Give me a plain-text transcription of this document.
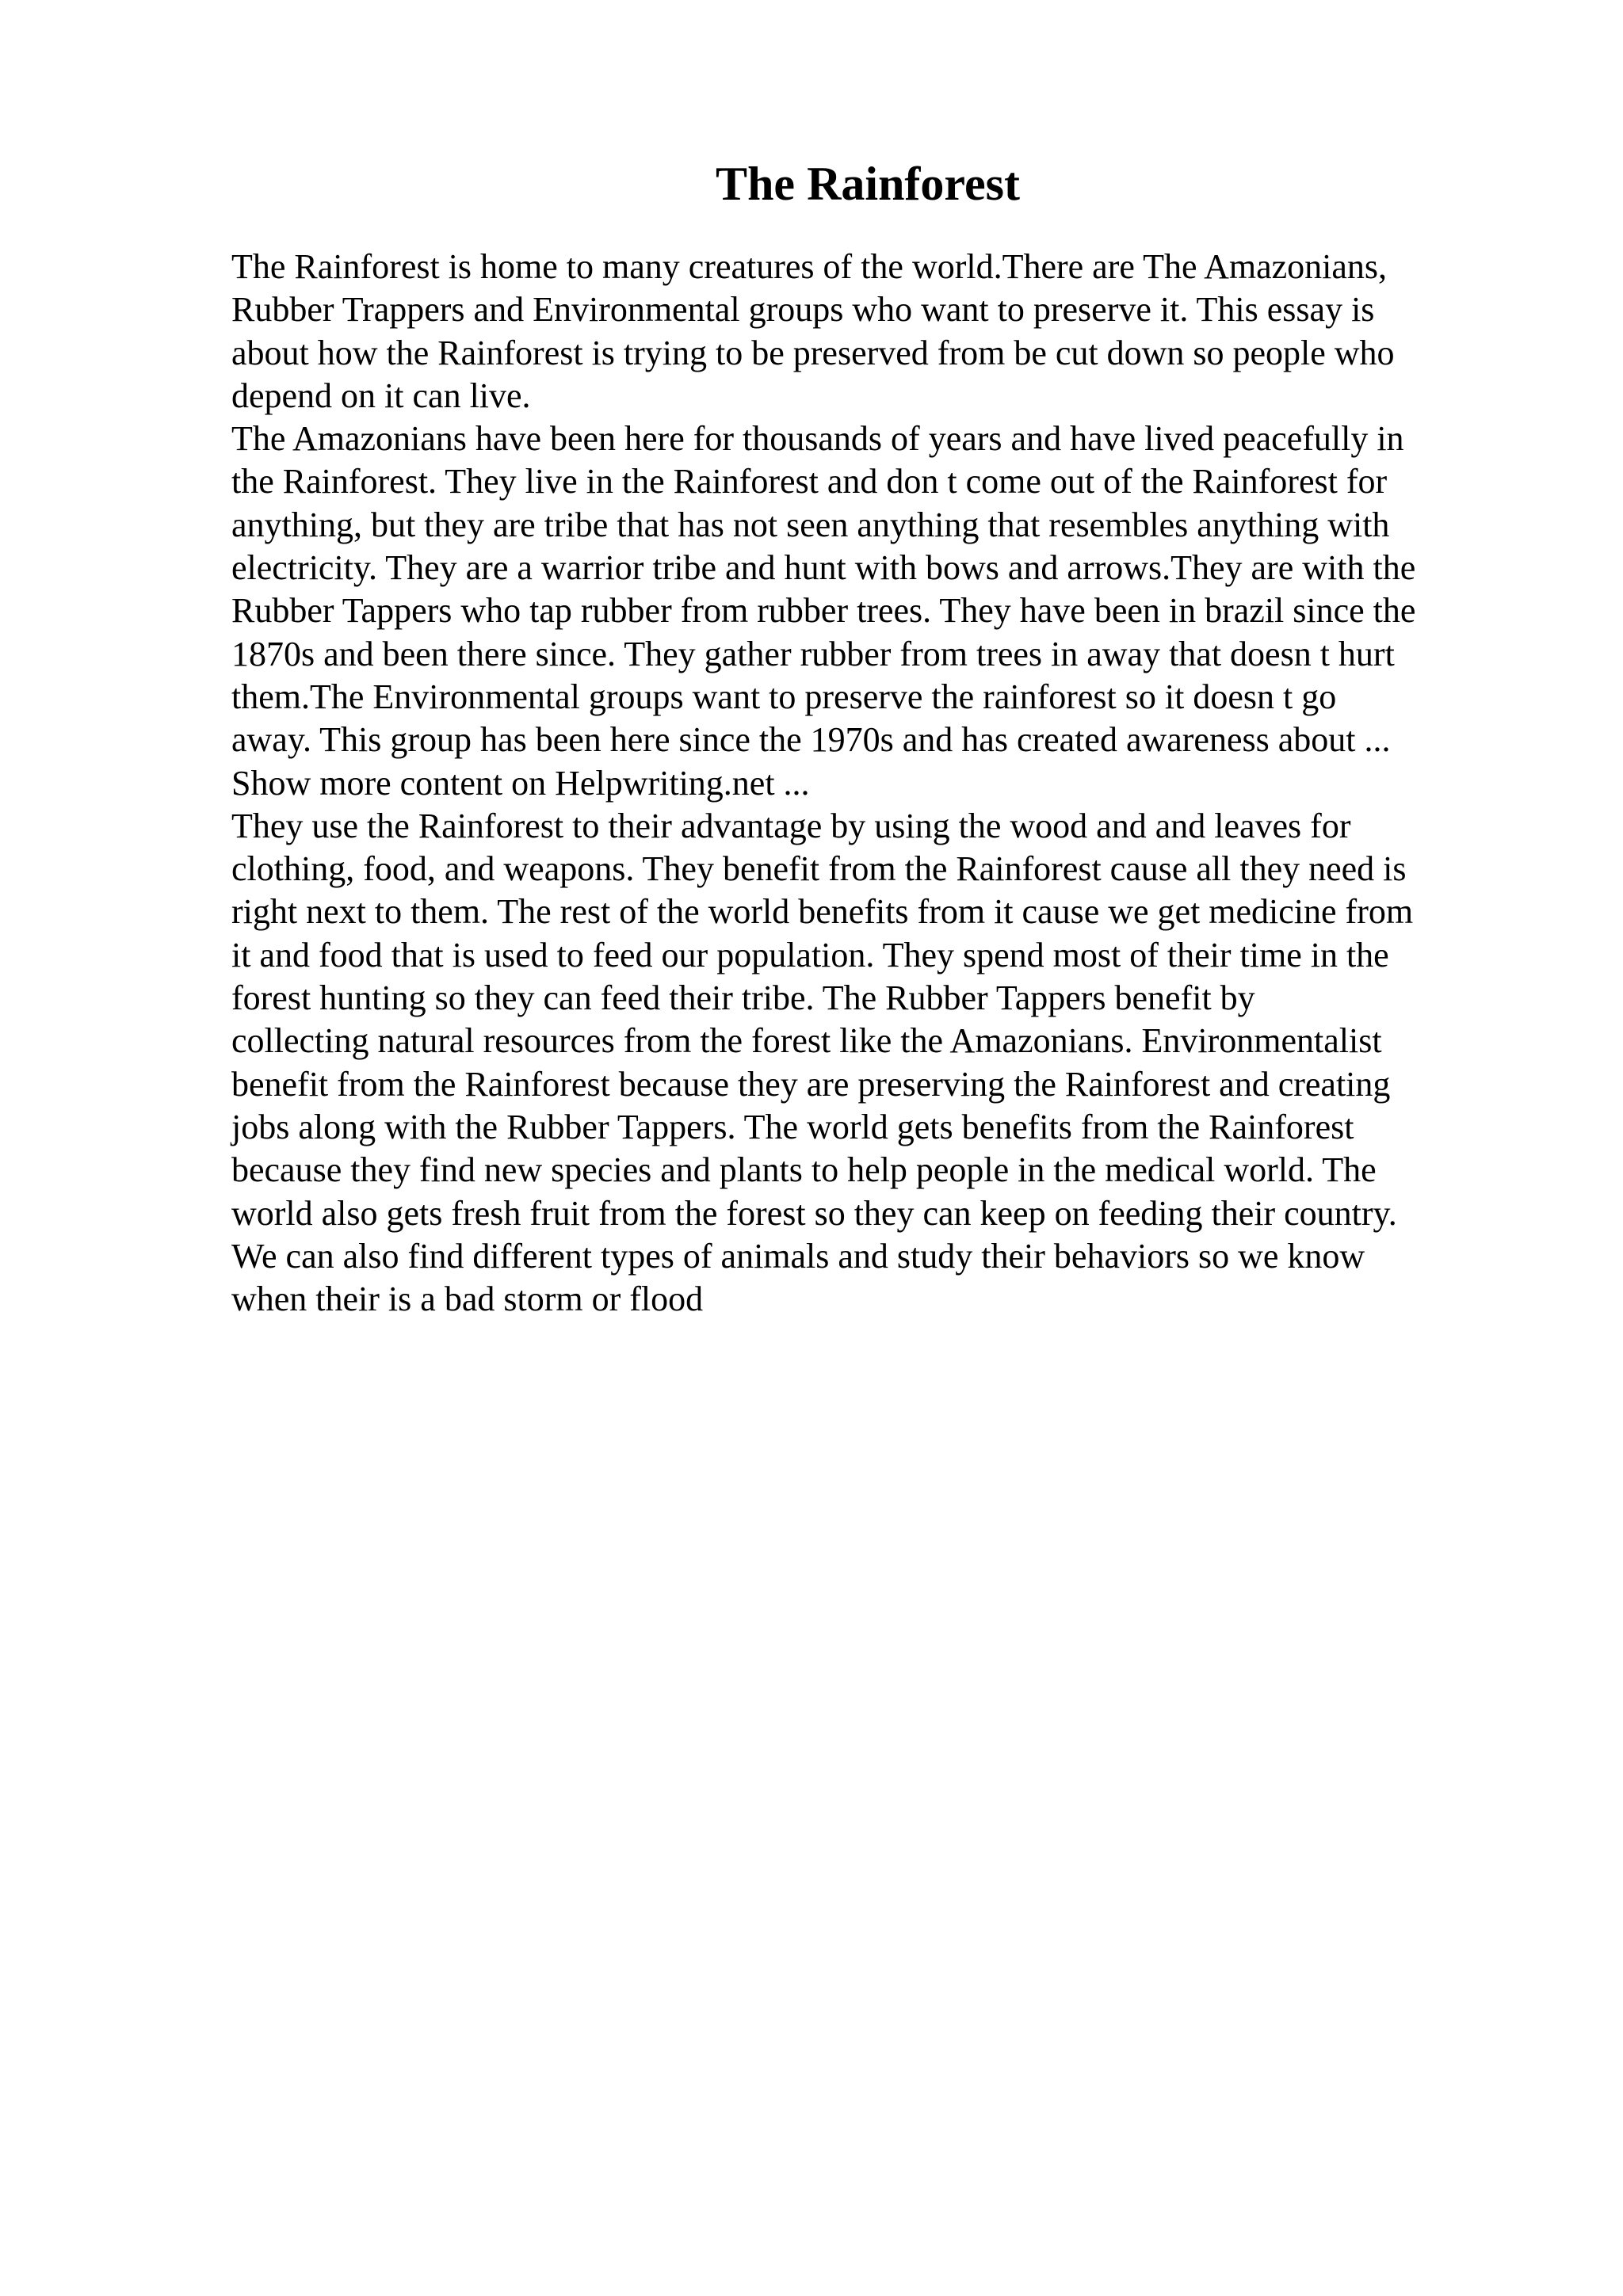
The Rainforest
The Rainforest is home to many creatures of the world.There are The Amazonians,
Rubber Trappers and Environmental groups who want to preserve it. This essay is
about how the Rainforest is trying to be preserved from be cut down so people who
depend on it can live.
The Amazonians have been here for thousands of years and have lived peacefully in
the Rainforest. They live in the Rainforest and don t come out of the Rainforest for
anything, but they are tribe that has not seen anything that resembles anything with
electricity. They are a warrior tribe and hunt with bows and arrows.They are with the
Rubber Tappers who tap rubber from rubber trees. They have been in brazil since the
1870s and been there since. They gather rubber from trees in away that doesn t hurt
them.The Environmental groups want to preserve the rainforest so it doesn t go
away. This group has been here since the 1970s and has created awareness about ...
Show more content on Helpwriting.net ...
They use the Rainforest to their advantage by using the wood and and leaves for
clothing, food, and weapons. They benefit from the Rainforest cause all they need is
right next to them. The rest of the world benefits from it cause we get medicine from
it and food that is used to feed our population. They spend most of their time in the
forest hunting so they can feed their tribe. The Rubber Tappers benefit by
collecting natural resources from the forest like the Amazonians. Environmentalist
benefit from the Rainforest because they are preserving the Rainforest and creating
jobs along with the Rubber Tappers. The world gets benefits from the Rainforest
because they find new species and plants to help people in the medical world. The
world also gets fresh fruit from the forest so they can keep on feeding their country.
We can also find different types of animals and study their behaviors so we know
when their is a bad storm or flood
